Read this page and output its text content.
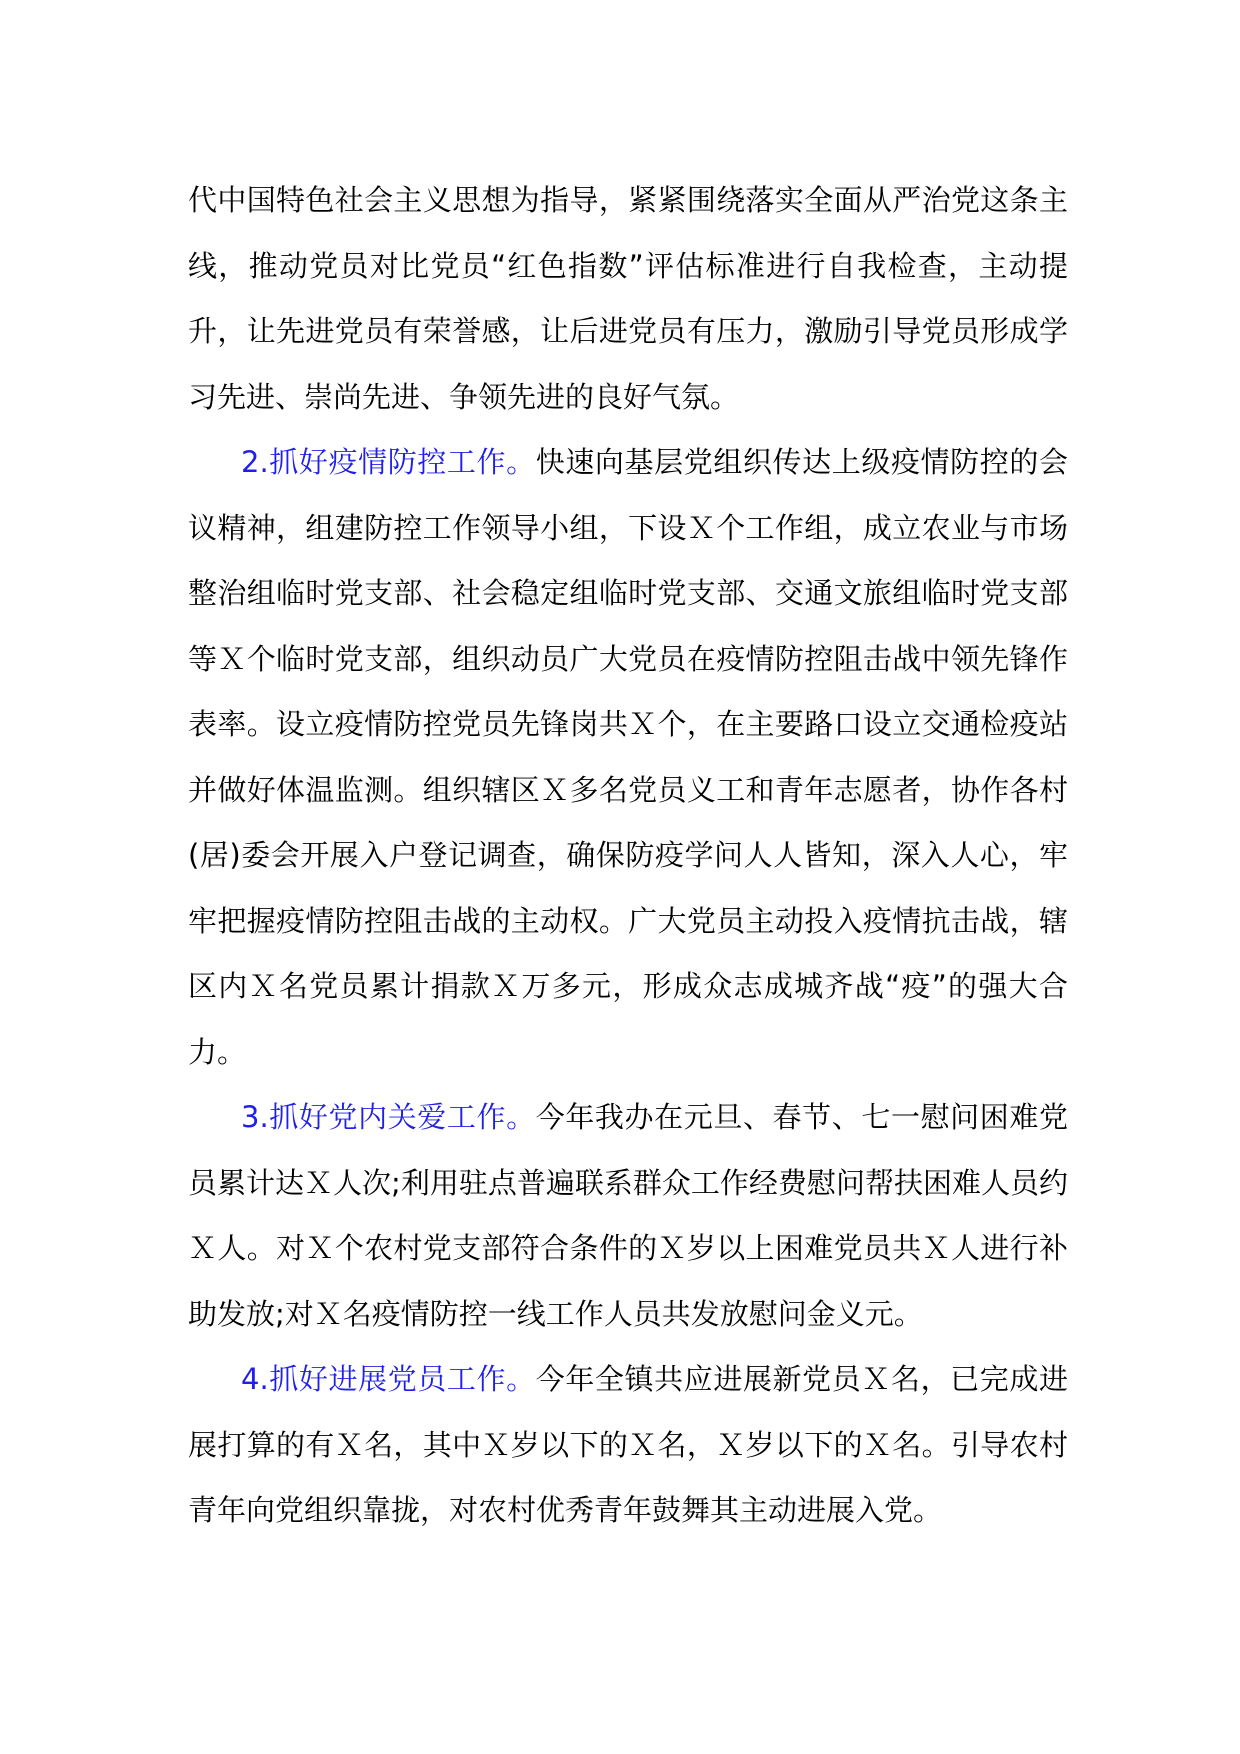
代中国特色社会主义思想为指导，紧紧围绕落实全面从严治党这条主线，推动党员对比党员“红色指数”评估标准进行自我检查，主动提升，让先进党员有荣誉感，让后进党员有压力，激励引导党员形成学习先进、崇尚先进、争领先进的良好气氛。

2.抓好疫情防控工作。快速向基层党组织传达上级疫情防控的会议精神，组建防控工作领导小组，下设Ｘ个工作组，成立农业与市场整治组临时党支部、社会稳定组临时党支部、交通文旅组临时党支部等Ｘ个临时党支部，组织动员广大党员在疫情防控阻击战中领先锋作表率。设立疫情防控党员先锋岗共Ｘ个，在主要路口设立交通检疫站并做好体温监测。组织辖区Ｘ多名党员义工和青年志愿者，协作各村(居)委会开展入户登记调查，确保防疫学问人人皆知，深入人心，牢牢把握疫情防控阻击战的主动权。广大党员主动投入疫情抗击战，辖区内Ｘ名党员累计捐款Ｘ万多元，形成众志成城齐战“疫”的强大合力。

3.抓好党内关爱工作。今年我办在元旦、春节、七一慰问困难党员累计达Ｘ人次;利用驻点普遍联系群众工作经费慰问帮扶困难人员约Ｘ人。对Ｘ个农村党支部符合条件的Ｘ岁以上困难党员共Ｘ人进行补助发放;对Ｘ名疫情防控一线工作人员共发放慰问金义元。

4.抓好进展党员工作。今年全镇共应进展新党员Ｘ名，已完成进展打算的有Ｘ名，其中Ｘ岁以下的Ｘ名，Ｘ岁以下的Ｘ名。引导农村青年向党组织靠拢，对农村优秀青年鼓舞其主动进展入党。
